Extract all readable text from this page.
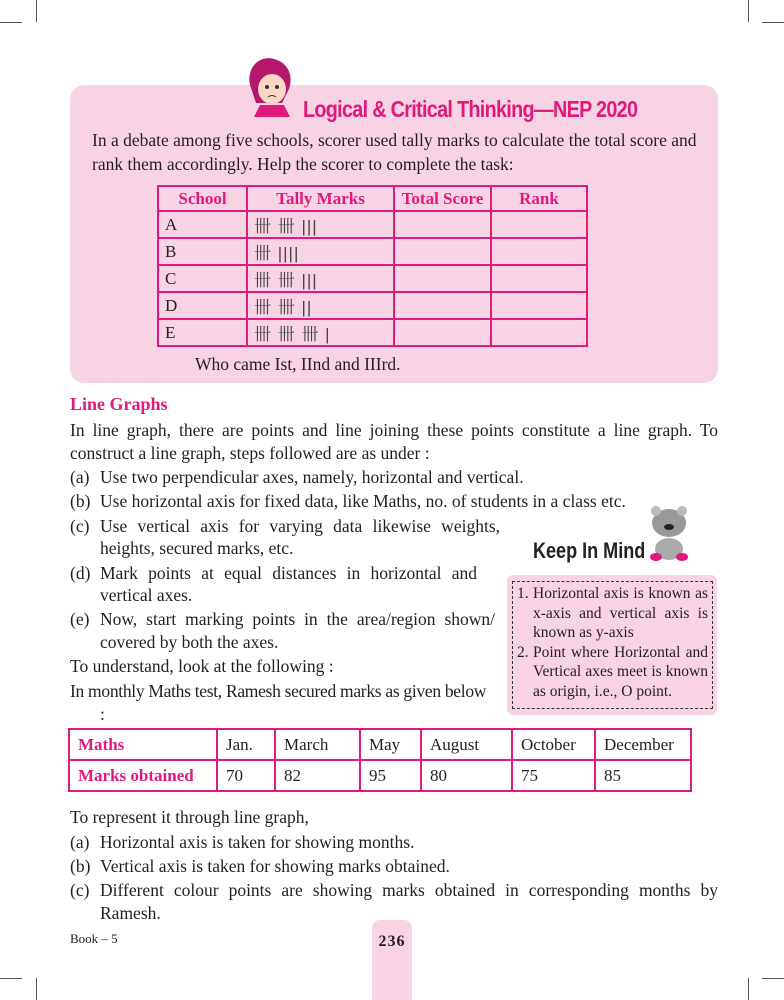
Logical & Critical Thinking—NEP 2020
In a debate among five schools, scorer used tally marks to calculate the total score and rank them accordingly. Help the scorer to complete the task:
School	Tally Marks	Total Score	Rank
A	卌 卌 |||		
B	卌 ||||		
C	卌 卌 |||		
D	卌 卌 ||		
E	卌 卌 卌 |		
Who came Ist, IInd and IIIrd.
Line Graphs
In line graph, there are points and line joining these points constitute a line graph. To
construct a line graph, steps followed are as under :
(a) Use two perpendicular axes, namely, horizontal and vertical.
(b) Use horizontal axis for fixed data, like Maths, no. of students in a class etc.
(c) Use vertical axis for varying data likewise weights,
heights, secured marks, etc.
(d) Mark points at equal distances in horizontal and
vertical axes.
(e) Now, start marking points in the area/region shown/
covered by both the axes.
To understand, look at the following :
In monthly Maths test, Ramesh secured marks as given below
:
Keep In Mind
1. Horizontal axis is known as x-axis and vertical axis is known as y-axis
2. Point where Horizontal and Vertical axes meet is known as origin, i.e., O point.
Maths	Jan.	March	May	August	October	December
Marks obtained	70	82	95	80	75	85
To represent it through line graph,
(a) Horizontal axis is taken for showing months.
(b) Vertical axis is taken for showing marks obtained.
(c) Different colour points are showing marks obtained in corresponding months by
Ramesh.
Book – 5	236
